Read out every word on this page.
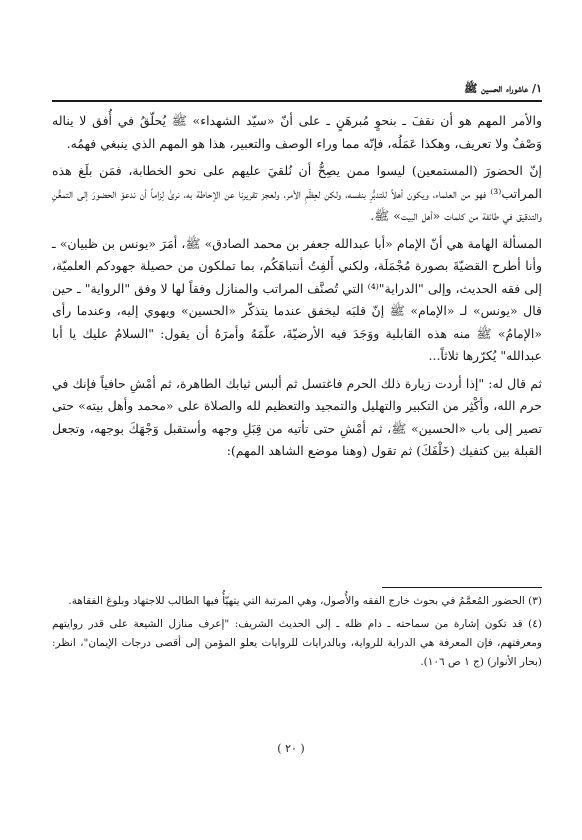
١/ عاشوراء الحسين ﷺ

والأمر المهم هو أن نقفَ ـ بنحوٍ مُبرهَنٍ ـ على أنّ «سيّد الشهداء» ﷺ يُحلّقُ في أُفق لا يناله وَصْفٌ ولا تعريف، وهكذا عَمَلُه، فإنّه مما وراء الوصف والتعبير، هذا هو المهم الذي ينبغي فهمُه.

إنّ الحضورَ (المستمعين) ليسوا ممن يصِحُّ أن نُلقيَ عليهم على نحو الخطابة، فمَن بلَغ هذه المراتب⁽³⁾ فهو من العلماء، ويكون أهلاً للتدبُّرِ بنفسه، ولكن لعِظَمِ الأمر، ولعجز تقريرنا عن الإحاطة به، نرىٰ لِزاماً أن ندعوَ الحضورَ إلى التمعُّنِ والتدقيق في طائفة من كلمات «أهل البيت» ﷺ.

المسألة الهامة هي أنّ الإمام «أبا عبدالله جعفر بن محمد الصادق» ﷺ، أمَرَ «يونس بن ظبيان» ـ وأنا أطرح القضيّةَ بصورة مُجْمَلَة، ولكني أَلفِتُ أنتباهَكُم، بما تملكون من حصيلة جهودكم العلميّة، إلى فقه الحديث، وإلى "الدراية"⁽⁴⁾ التي تُصنَّف المراتب والمنازل وفقاً لها لا وفق "الرواية" ـ حين قال «يونس» لـ «الإمام» ﷺ إنّ قلبَه ليخفق عندما يتذكّر «الحسين» ويهوي إليه، وعندما رأى «الإمامُ» ﷺ منه هذه القابلية ووَجَدَ فيه الأرضيّةَ، علّمَهُ وأمرَهُ أن يقول: "السلامُ عليك يا أبا عبدالله" يُكرّرها ثلاثاً...

ثم قال له: "إذا أردت زيارة ذلك الحرم فاغتسل ثم ألبس ثيابك الطاهرة، ثم أمْشِ حافياً فإنك في حرم الله، وأكْثِر من التكبير والتهليل والتمجيد والتعظيم لله والصلاة على «محمد وأهل بيته» حتى تصير إلى باب «الحسين» ﷺ، ثم أمْشِ حتى تأتيه من قِبَلِ وجهه وأستقبل وَجْهَكَ بوجهه، وتجعل القبلة بين كتفيك (خَلْفَكَ) ثم تقول (وهنا موضع الشاهد المهم):

(٣) الحضور المُعمَّمُ في بحوث خارج الفقه والأُصول، وهي المرتبة التي يتهيّأُ فيها الطالب للاجتهاد وبلوغ الفقاهة.

(٤) قد تكون إشارة من سماحته ـ دام ظله ـ إلى الحديث الشريف: "إعرف منازل الشيعة على قدر روايتهم ومعرفتهم، فإن المعرفة هي الدراية للرواية، وبالدرايات للروايات يعلو المؤمن إلى أقصى درجات الإيمان"، انظر: (بحار الأنوار) (ج ١ ص ١٠٦).

( ٢٠ )
